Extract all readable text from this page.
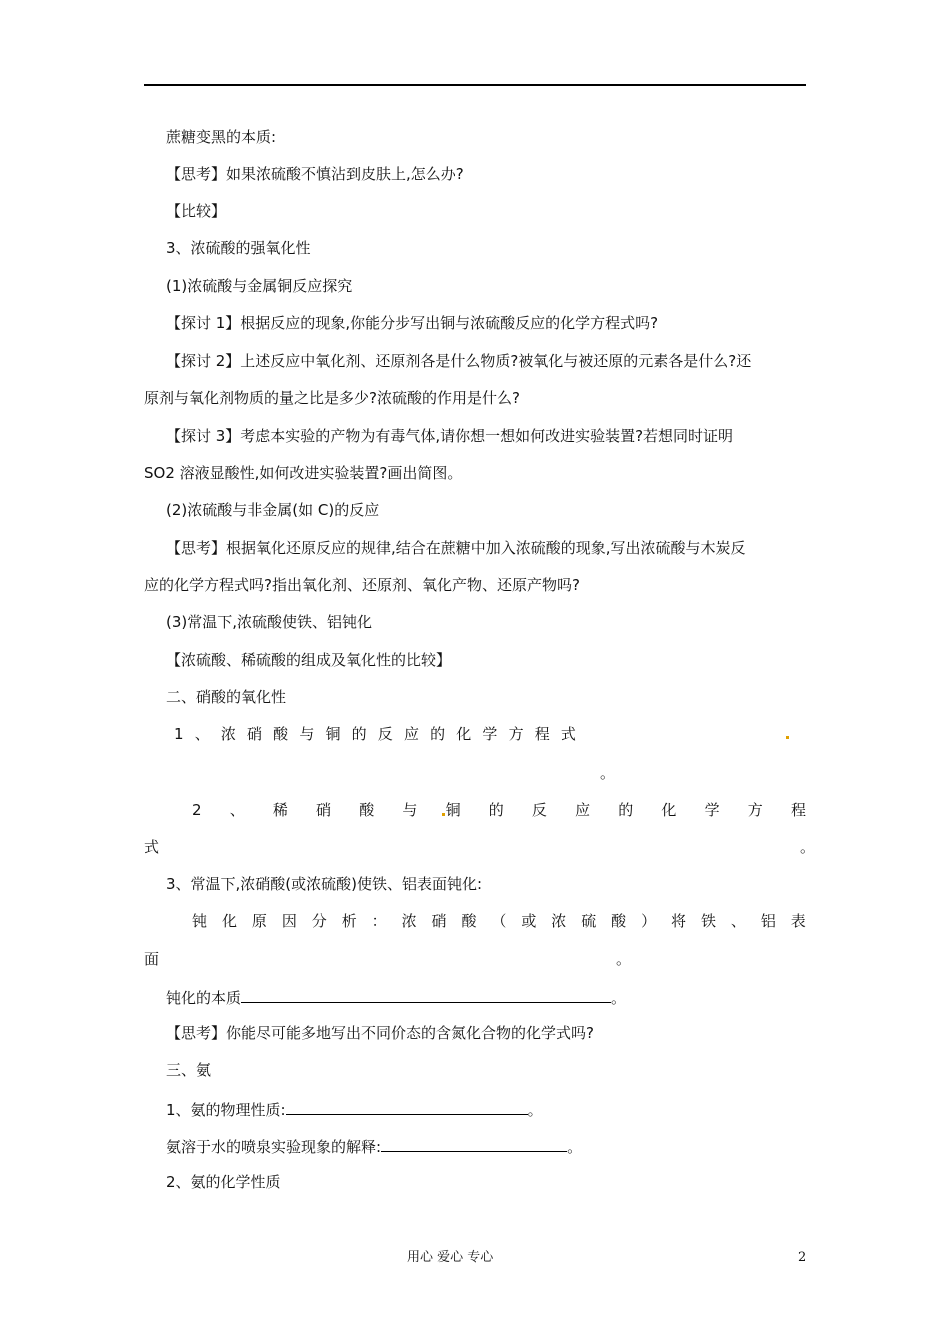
蔗糖变黑的本质:
【思考】如果浓硫酸不慎沾到皮肤上,怎么办?
【比较】
3、浓硫酸的强氧化性
(1)浓硫酸与金属铜反应探究
【探讨 1】根据反应的现象,你能分步写出铜与浓硫酸反应的化学方程式吗?
【探讨 2】上述反应中氧化剂、还原剂各是什么物质?被氧化与被还原的元素各是什么?还
原剂与氧化剂物质的量之比是多少?浓硫酸的作用是什么?
【探讨 3】考虑本实验的产物为有毒气体,请你想一想如何改进实验装置?若想同时证明
SO2 溶液显酸性,如何改进实验装置?画出简图。
(2)浓硫酸与非金属(如 C)的反应
【思考】根据氧化还原反应的规律,结合在蔗糖中加入浓硫酸的现象,写出浓硫酸与木炭反
应的化学方程式吗?指出氧化剂、还原剂、氧化产物、还原产物吗?
(3)常温下,浓硫酸使铁、铝钝化
【浓硫酸、稀硫酸的组成及氧化性的比较】
二、硝酸的氧化性
1 、 浓 硝 酸 与 铜 的 反 应 的 化 学 方 程 式
。
2 、 稀 硝 酸 与 铜 的 反 应 的 化 学 方 程
式	。
3、常温下,浓硝酸(或浓硫酸)使铁、铝表面钝化:
钝 化 原 因 分 析 ： 浓 硝 酸 （ 或 浓 硫 酸 ） 将 铁 、 铝 表
面	。
钝化的本质	。
【思考】你能尽可能多地写出不同价态的含氮化合物的化学式吗?
三、氨
1、氨的物理性质:	。
氨溶于水的喷泉实验现象的解释:	。
2、氨的化学性质
用心 爱心 专心	2
